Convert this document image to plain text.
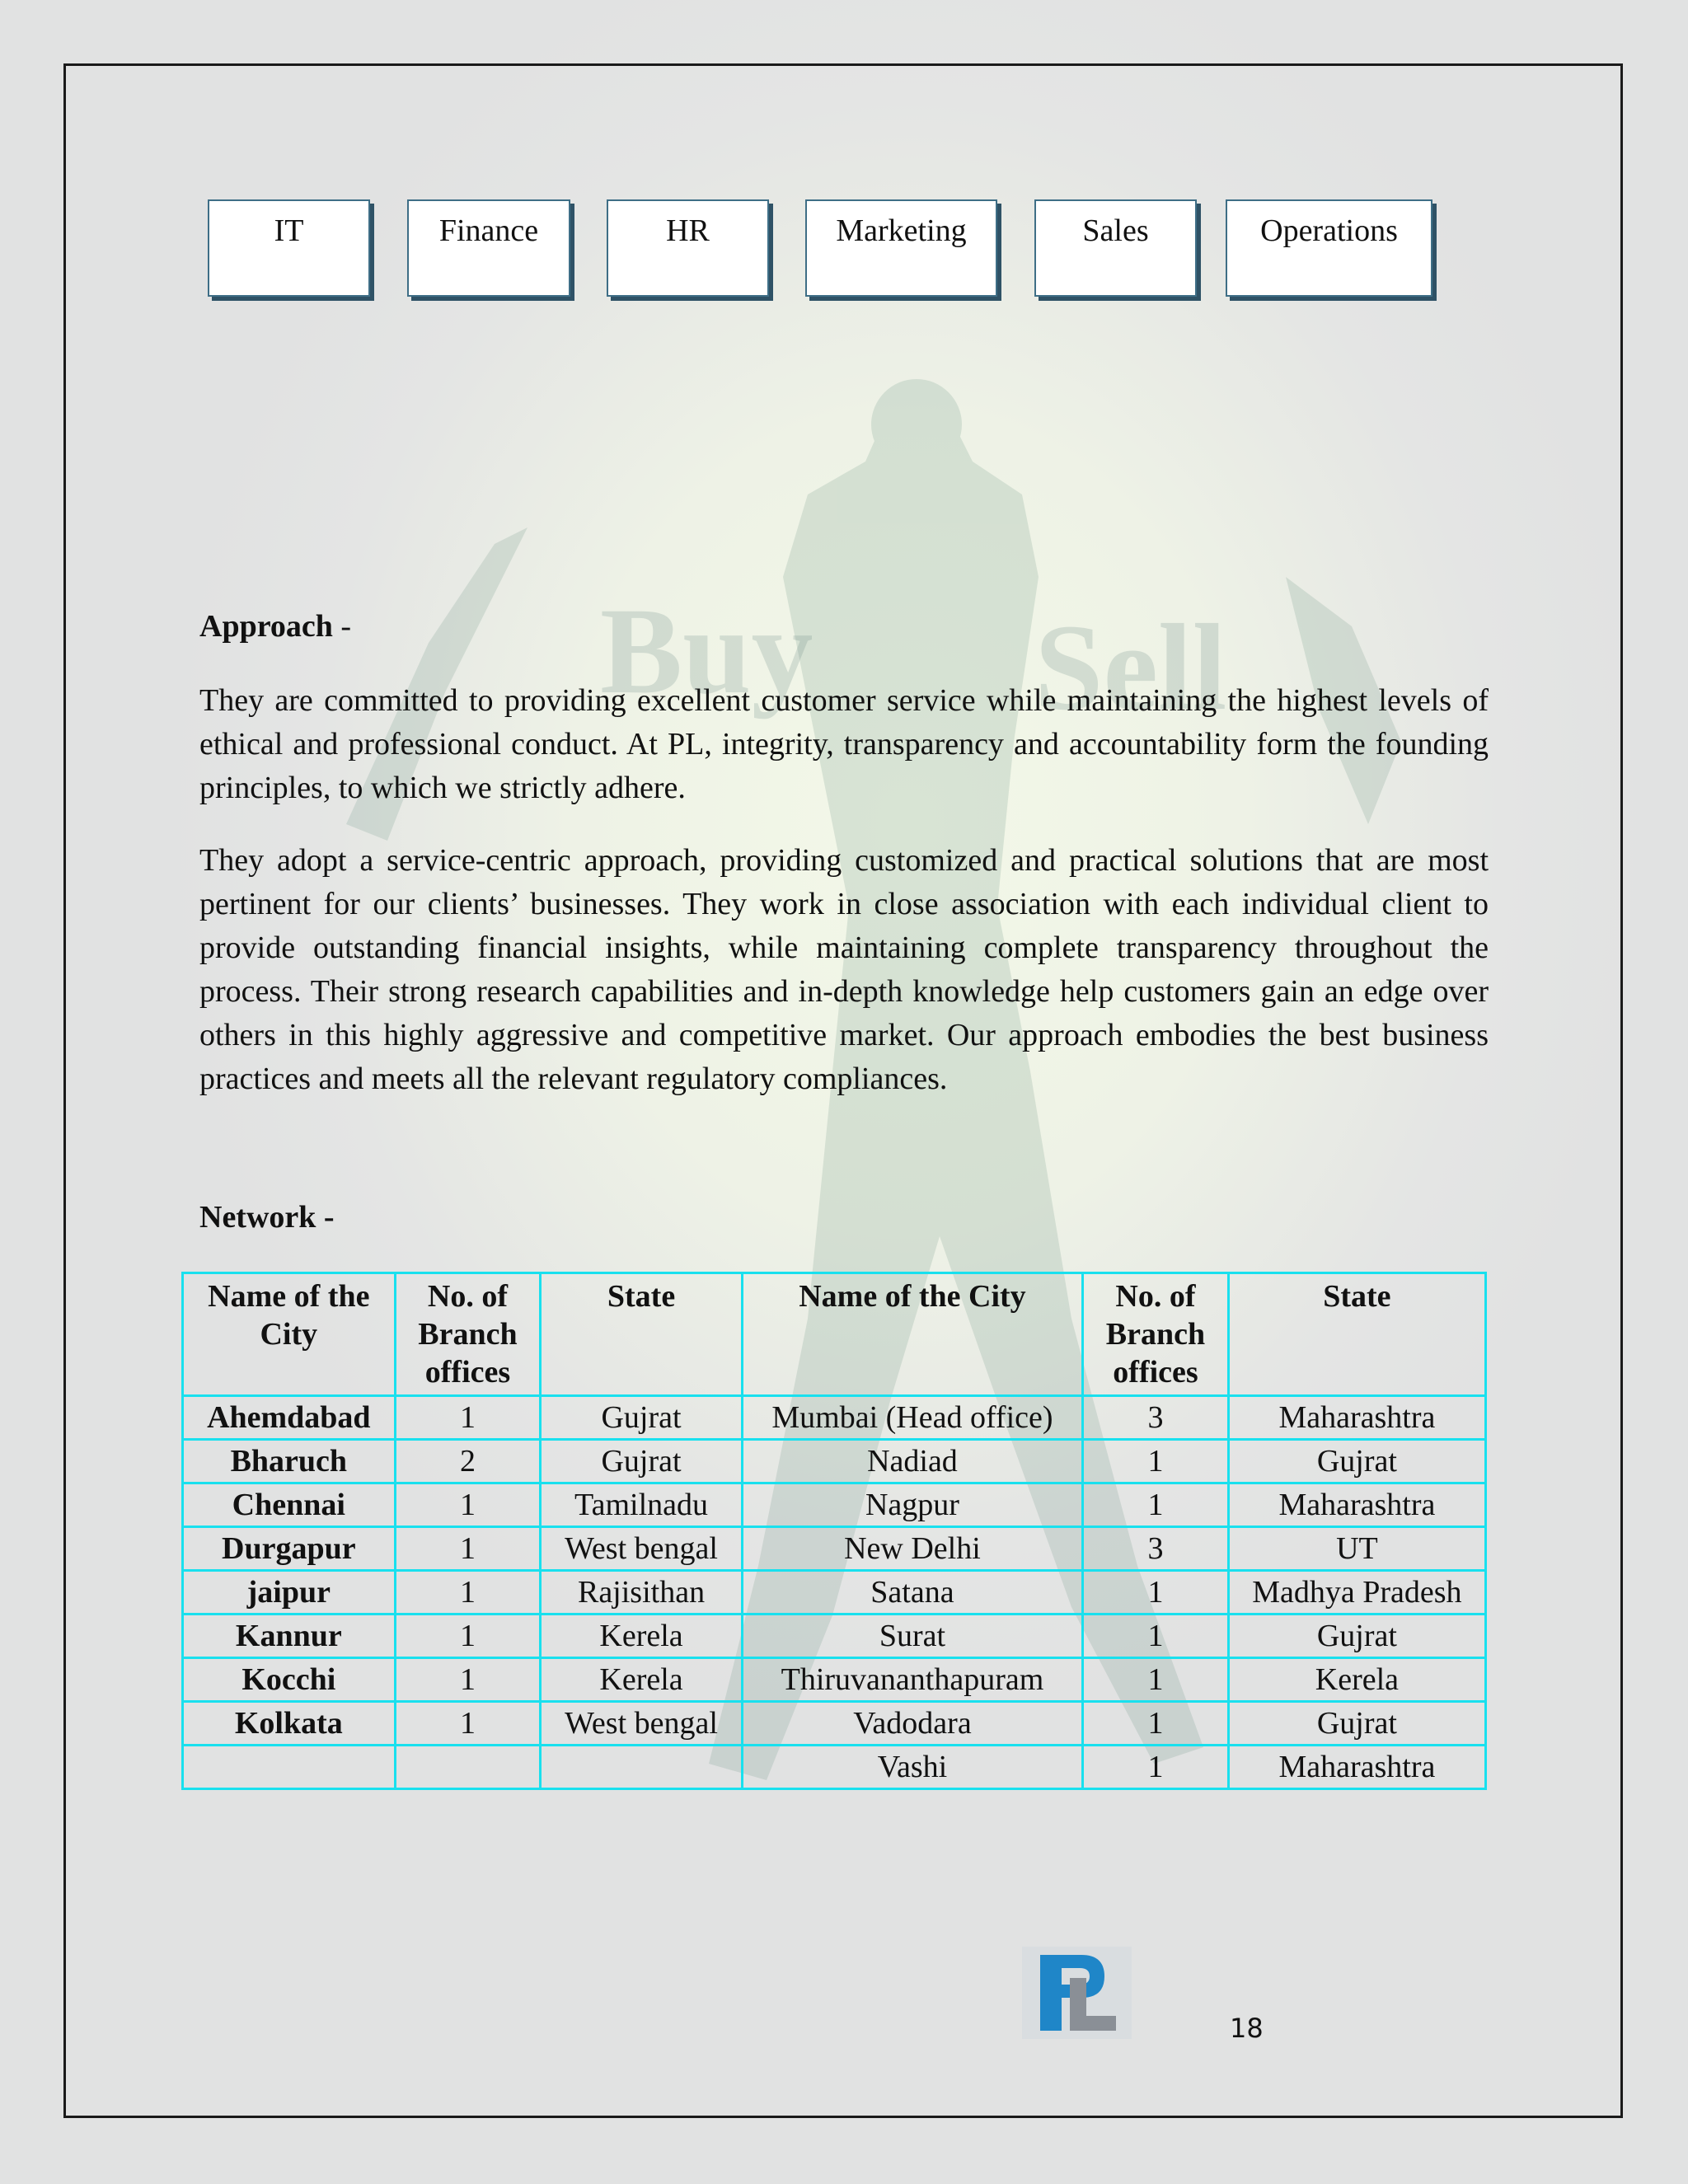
Buy Sell
IT	Finance	HR	Marketing	Sales	Operations
Approach -

They are committed to providing excellent customer service while maintaining the highest levels of ethical and professional conduct. At PL, integrity, transparency and accountability form the founding principles, to which we strictly adhere.

They adopt a service-centric approach, providing customized and practical solutions that are most pertinent for our clients’ businesses. They work in close association with each individual client to provide outstanding financial insights, while maintaining complete transparency throughout the process. Their strong research capabilities and in-depth knowledge help customers gain an edge over others in this highly aggressive and competitive market. Our approach embodies the best business practices and meets all the relevant regulatory compliances.

Network -
Name of the City	No. of Branch offices	State	Name of the City	No. of Branch offices	State
Ahemdabad	1	Gujrat	Mumbai (Head office)	3	Maharashtra
Bharuch	2	Gujrat	Nadiad	1	Gujrat
Chennai	1	Tamilnadu	Nagpur	1	Maharashtra
Durgapur	1	West bengal	New Delhi	3	UT
jaipur	1	Rajisithan	Satana	1	Madhya Pradesh
Kannur	1	Kerela	Surat	1	Gujrat
Kocchi	1	Kerela	Thiruvananthapuram	1	Kerela
Kolkata	1	West bengal	Vadodara	1	Gujrat
			Vashi	1	Maharashtra
18
